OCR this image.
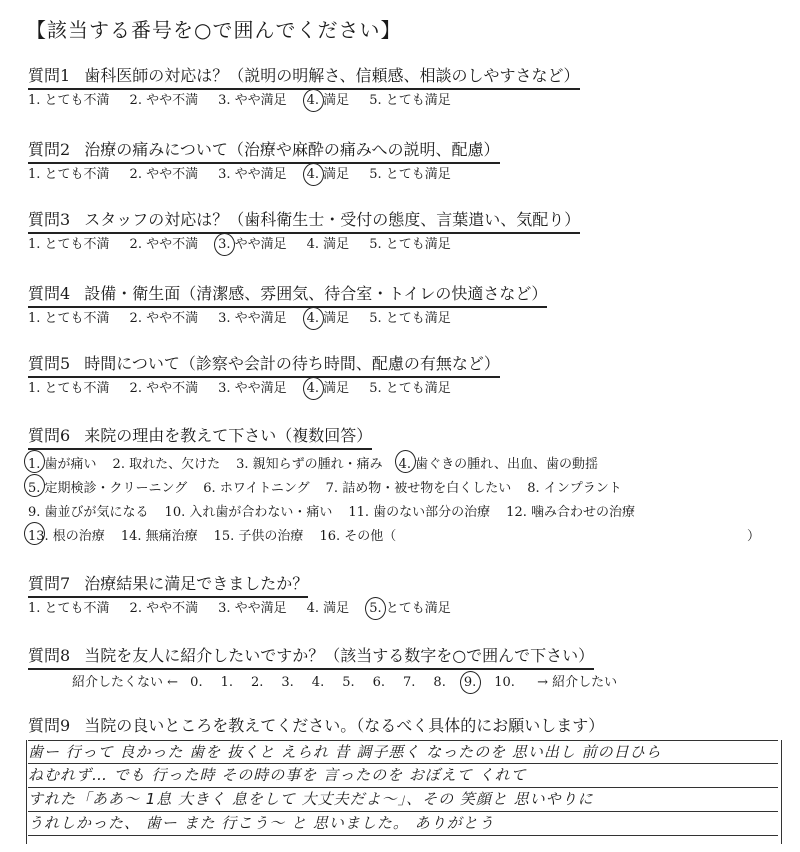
【該当する番号を○で囲んでください】
質問1 歯科医師の対応は？（説明の明解さ、信頼感、相談のしやすさなど）
1. とても不満 2. やや不満 3. やや満足 4. 満足 5. とても満足
質問2 治療の痛みについて（治療や麻酔の痛みへの説明、配慮）
1. とても不満 2. やや不満 3. やや満足 4. 満足 5. とても満足
質問3 スタッフの対応は？（歯科衛生士・受付の態度、言葉遣い、気配り）
1. とても不満 2. やや不満 3. やや満足 4. 満足 5. とても満足
質問4 設備・衛生面（清潔感、雰囲気、待合室・トイレの快適さなど）
1. とても不満 2. やや不満 3. やや満足 4. 満足 5. とても満足
質問5 時間について（診察や会計の待ち時間、配慮の有無など）
1. とても不満 2. やや不満 3. やや満足 4. 満足 5. とても満足
質問6 来院の理由を教えて下さい（複数回答）
1. 歯が痛い 2. 取れた、欠けた 3. 親知らずの腫れ・痛み 4. 歯ぐきの腫れ、出血、歯の動揺
5. 定期検診・クリーニング 6. ホワイトニング 7. 詰め物・被せ物を白くしたい 8. インプラント
9. 歯並びが気になる 10. 入れ歯が合わない・痛い 11. 歯のない部分の治療 12. 噛み合わせの治療
13. 根の治療 14. 無痛治療 15. 子供の治療 16. その他（	）
質問7 治療結果に満足できましたか？
1. とても不満 2. やや不満 3. やや満足 4. 満足 5. とても満足
質問8 当院を友人に紹介したいですか？（該当する数字を○で囲んで下さい）
紹介したくない ← 0. 1. 2. 3. 4. 5. 6. 7. 8. 9. 10. → 紹介したい
質問9 当院の良いところを教えてください。（なるべく具体的にお願いします）
歯ー 行って 良かった 歯を 抜くと えられ 昔 調子悪く なったのを 思い出し 前の日ひら
ねむれず… でも 行った時 その時の事を 言ったのを おぼえて くれて
すれた「ああ〜 1息 大きく 息をして 大丈夫だよ〜」、その 笑顔と 思いやりに
うれしかった、 歯ー また 行こう〜 と 思いました。 ありがとう
